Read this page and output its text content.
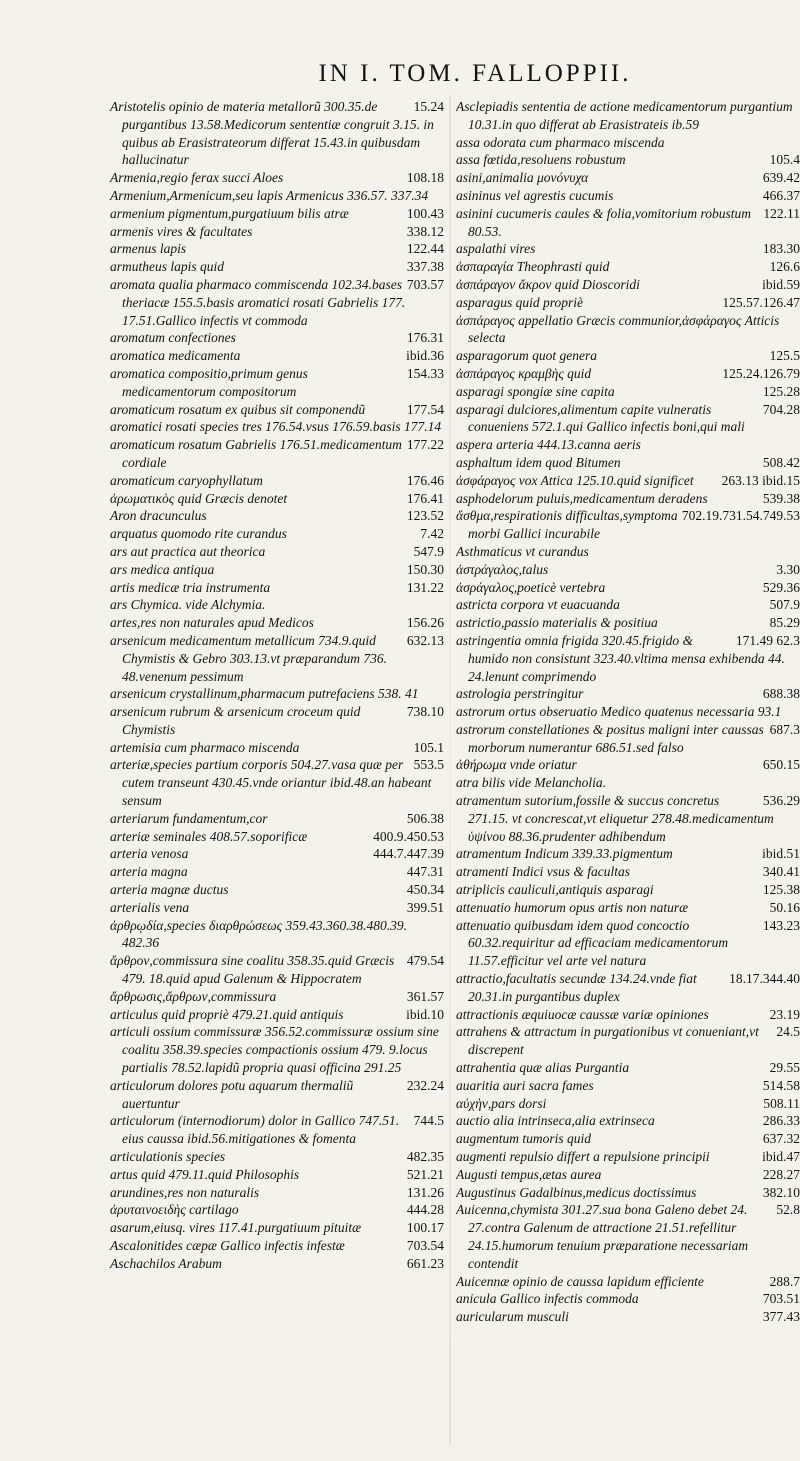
IN I. TOM. FALLOPPII.
15.24
Aristotelis opinio de materia metallorũ 300.35.de purgantibus 13.58.Medicorum sententiæ congruit 3.15. in quibus ab Erasistrateorum differat 15.43.in quibusdam hallucinatur
108.18
Armenia,regio ferax succi Aloes
Armenium,Armenicum,seu lapis Armenicus 336.57. 337.34
100.43
armenium pigmentum,purgatiuum bilis atræ
338.12
armenis vires & facultates
122.44
armenus lapis
337.38
armutheus lapis quid
703.57
aromata qualia pharmaco commiscenda 102.34.bases theriacæ 155.5.basis aromatici rosati Gabrielis 177. 17.51.Gallico infectis vt commoda
176.31
aromatum confectiones
ibid.36
aromatica medicamenta
154.33
aromatica compositio,primum genus medicamentorum compositorum
177.54
aromaticum rosatum ex quibus sit componendũ
aromatici rosati species tres 176.54.vsus 176.59.basis 177.14
177.22
aromaticum rosatum Gabrielis 176.51.medicamentum cordiale
176.46
aromaticum caryophyllatum
176.41
ἀρωματικὸς quid Græcis denotet
123.52
Aron dracunculus
7.42
arquatus quomodo rite curandus
547.9
ars aut practica aut theorica
150.30
ars medica antiqua
131.22
artis medicæ tria instrumenta
ars Chymica. vide Alchymia.
156.26
artes,res non naturales apud Medicos
632.13
arsenicum medicamentum metallicum 734.9.quid Chymistis & Gebro 303.13.vt præparandum 736. 48.venenum pessimum
arsenicum crystallinum,pharmacum putrefaciens 538. 41
738.10
arsenicum rubrum & arsenicum croceum quid Chymistis
105.1
artemisia cum pharmaco miscenda
553.5
arteriæ,species partium corporis 504.27.vasa quæ per cutem transeunt 430.45.vnde oriantur ibid.48.an habeant sensum
506.38
arteriarum fundamentum,cor
400.9.450.53
arteriæ seminales 408.57.soporificæ
444.7.447.39
arteria venosa
447.31
arteria magna
450.34
arteria magnæ ductus
399.51
arterialis vena
ἀρθρῳδία,species διαρθρώσεως 359.43.360.38.480.39. 482.36
479.54
ἄρθρον,commissura sine coalitu 358.35.quid Græcis 479. 18.quid apud Galenum & Hippocratem
361.57
ἄρθρωσις,ἄρθρων,commissura
ibid.10
articulus quid propriè 479.21.quid antiquis
articuli ossium commissuræ 356.52.commissuræ ossium sine coalitu 358.39.species compactionis ossium 479. 9.locus partialis 78.52.lapidũ propria quasi officina 291.25
232.24
articulorum dolores potu aquarum thermaliũ auertuntur
744.5
articulorum (internodiorum) dolor in Gallico 747.51. eius caussa ibid.56.mitigationes & fomenta
482.35
articulationis species
521.21
artus quid 479.11.quid Philosophis
131.26
arundines,res non naturalis
444.28
ἀρυταινοειδὴς cartilago
100.17
asarum,eiusq. vires 117.41.purgatiuum pituitæ
703.54
Ascalonitides cæpæ Gallico infectis infestæ
661.23
Aschachilos Arabum
Asclepiadis sententia de actione medicamentorum purgantium 10.31.in quo differat ab Erasistrateis ib.59
assa odorata cum pharmaco miscenda
105.4
assa fœtida,resoluens robustum
639.42
asini,animalia μονόνυχα
466.37
asininus vel agrestis cucumis
122.11
asinini cucumeris caules & folia,vomitorium robustum 80.53.
183.30
aspalathi vires
126.6
ἀσπαραγία Theophrasti quid
ibid.59
ἀσπάραγον ἄκρον quid Dioscoridi
125.57.126.47
asparagus quid propriè
ἀσπάραγος appellatio Græcis communior,ἀσφάραγος Atticis selecta
125.5
asparagorum quot genera
125.24.126.79
ἀσπάραγος κραμβὴς quid
125.28
asparagi spongiæ sine capita
704.28
asparagi dulciores,alimentum capite vulneratis conueniens 572.1.qui Gallico infectis boni,qui mali
aspera arteria 444.13.canna aeris
508.42
asphaltum idem quod Bitumen
263.13 ibid.15
ἀσφάραγος vox Attica 125.10.quid significet
539.38
asphodelorum puluis,medicamentum deradens
702.19.731.54.749.53
ἄσθμα,respirationis difficultas,symptoma morbi Gallici incurabile
Asthmaticus vt curandus
3.30
ἀστράγαλος,talus
529.36
ἀσράγαλος,poeticè vertebra
507.9
astricta corpora vt euacuanda
85.29
astrictio,passio materialis & positiua
171.49 62.3
astringentia omnia frigida 320.45.frigido & humido non consistunt 323.40.vltima mensa exhibenda 44. 24.lenunt comprimendo
688.38
astrologia perstringitur
astrorum ortus obseruatio Medico quatenus necessaria 93.1
687.3
astrorum constellationes & positus maligni inter caussas morborum numerantur 686.51.sed falso
650.15
ἀθήρωμα vnde oriatur
atra bilis vide Melancholia.
536.29
atramentum sutorium,fossile & succus concretus 271.15. vt concrescat,vt eliquetur 278.48.medicamentum ὑψίνου 88.36.prudenter adhibendum
ibid.51
atramentum Indicum 339.33.pigmentum
340.41
atramenti Indici vsus & facultas
125.38
atriplicis cauliculi,antiquis asparagi
50.16
attenuatio humorum opus artis non naturæ
143.23
attenuatio quibusdam idem quod concoctio 60.32.requiritur ad efficaciam medicamentorum 11.57.efficitur vel arte vel natura
18.17.344.40
attractio,facultatis secundæ 134.24.vnde fiat 20.31.in purgantibus duplex
23.19
attractionis æquiuocæ caussæ variæ opiniones
24.5
attrahens & attractum in purgationibus vt conueniant,vt discrepent
29.55
attrahentia quæ alias Purgantia
514.58
auaritia auri sacra fames
508.11
αὐχὴν,pars dorsi
286.33
auctio alia intrinseca,alia extrinseca
637.32
augmentum tumoris quid
ibid.47
augmenti repulsio differt a repulsione principii
228.27
Augusti tempus,ætas aurea
382.10
Augustinus Gadalbinus,medicus doctissimus
52.8
Auicenna,chymista 301.27.sua bona Galeno debet 24. 27.contra Galenum de attractione 21.51.refellitur 24.15.humorum tenuium præparatione necessariam contendit
288.7
Auicennæ opinio de caussa lapidum efficiente
703.51
anicula Gallico infectis commoda
377.43
auricularum musculi
